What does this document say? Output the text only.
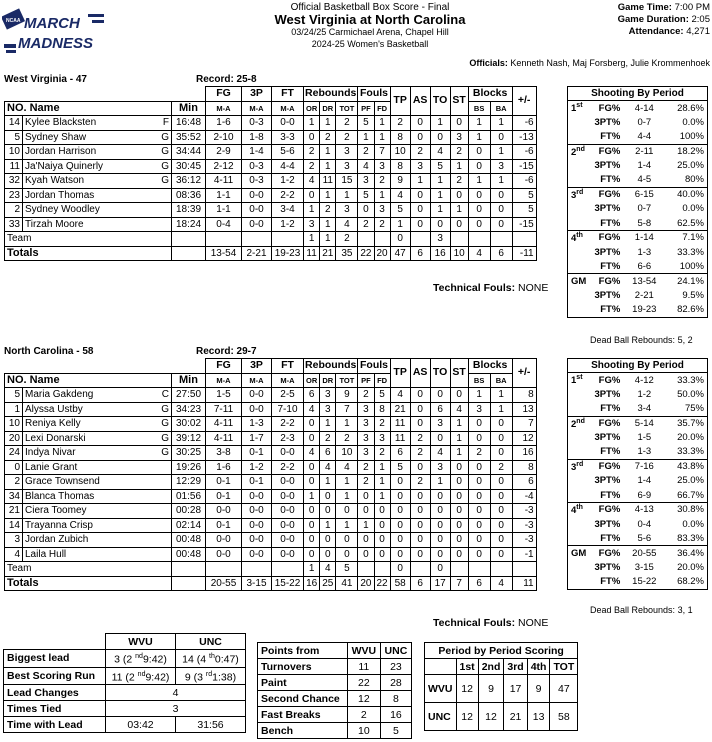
NCAA MARCH
MADNESS
Official Basketball Box Score - Final
West Virginia at North Carolina
03/24/25 Carmichael Arena, Chapel Hill
2024-25 Women's Basketball
Game Time: 7:00 PM
Game Duration: 2:05
Attendance: 4,271
Officials: Kenneth Nash, Maj Forsberg, Julie Krommenhoek
West Virginia - 47	Record: 25-8
				FG	3P	FT	Rebounds			Fouls		TP	AS	TO	ST	Blocks		+/-
NO. Name			Min	M-A	M-A	M-A	OR	DR	TOT	PF	FD					BS	BA	
14	Kylee Blacksten	F	16:48	1-6	0-3	0-0	1	1	2	5	1	2	0	1	0	1	1	-6
5	Sydney Shaw	G	35:52	2-10	1-8	3-3	0	2	2	1	1	8	0	0	3	1	0	-13
10	Jordan Harrison	G	34:44	2-9	1-4	5-6	2	1	3	2	7	10	2	4	2	0	1	-6
11	Ja'Naiya Quinerly	G	30:45	2-12	0-3	4-4	2	1	3	4	3	8	3	5	1	0	3	-15
32	Kyah Watson	G	36:12	4-11	0-3	1-2	4	11	15	3	2	9	1	1	2	1	1	-6
23	Jordan Thomas		08:36	1-1	0-0	2-2	0	1	1	5	1	4	0	1	0	0	0	5
2	Sydney Woodley		18:39	1-1	0-0	3-4	1	2	3	0	3	5	0	1	1	0	0	5
33	Tirzah Moore		18:24	0-4	0-0	1-2	3	1	4	2	2	1	0	0	0	0	0	-15
Team							1	1	2			0		3				
Totals				13-54	2-21	19-23	11	21	35	22	20	47	6	16	10	4	6	-11
Technical Fouls: NONE
Shooting By Period
1st	FG%	4-14	28.6%
	3PT%	0-7	0.0%
	FT%	4-4	100%
2nd	FG%	2-11	18.2%
	3PT%	1-4	25.0%
	FT%	4-5	80%
3rd	FG%	6-15	40.0%
	3PT%	0-7	0.0%
	FT%	5-8	62.5%
4th	FG%	1-14	7.1%
	3PT%	1-3	33.3%
	FT%	6-6	100%
GM	FG%	13-54	24.1%
	3PT%	2-21	9.5%
	FT%	19-23	82.6%
Dead Ball Rebounds: 5, 2
North Carolina - 58	Record: 29-7
				FG	3P	FT	Rebounds			Fouls		TP	AS	TO	ST	Blocks		+/-
NO. Name			Min	M-A	M-A	M-A	OR	DR	TOT	PF	FD					BS	BA	
5	Maria Gakdeng	C	27:50	1-5	0-0	2-5	6	3	9	2	5	4	0	0	0	1	1	8
1	Alyssa Ustby	G	34:23	7-11	0-0	7-10	4	3	7	3	8	21	0	6	4	3	1	13
10	Reniya Kelly	G	30:02	4-11	1-3	2-2	0	1	1	3	2	11	0	3	1	0	0	7
20	Lexi Donarski	G	39:12	4-11	1-7	2-3	0	2	2	3	3	11	2	0	1	0	0	12
24	Indya Nivar	G	30:25	3-8	0-1	0-0	4	6	10	3	2	6	2	4	1	2	0	16
0	Lanie Grant		19:26	1-6	1-2	2-2	0	4	4	2	1	5	0	3	0	0	2	8
2	Grace Townsend		12:29	0-1	0-1	0-0	0	1	1	2	1	0	2	1	0	0	0	6
34	Blanca Thomas		01:56	0-1	0-0	0-0	1	0	1	0	1	0	0	0	0	0	0	-4
21	Ciera Toomey		00:28	0-0	0-0	0-0	0	0	0	0	0	0	0	0	0	0	0	-3
14	Trayanna Crisp		02:14	0-1	0-0	0-0	0	1	1	1	0	0	0	0	0	0	0	-3
3	Jordan Zubich		00:48	0-0	0-0	0-0	0	0	0	0	0	0	0	0	0	0	0	-3
4	Laila Hull		00:48	0-0	0-0	0-0	0	0	0	0	0	0	0	0	0	0	0	-1
Team							1	4	5			0		0				
Totals				20-55	3-15	15-22	16	25	41	20	22	58	6	17	7	6	4	11
Technical Fouls: NONE
Shooting By Period
1st	FG%	4-12	33.3%
	3PT%	1-2	50.0%
	FT%	3-4	75%
2nd	FG%	5-14	35.7%
	3PT%	1-5	20.0%
	FT%	1-3	33.3%
3rd	FG%	7-16	43.8%
	3PT%	1-4	25.0%
	FT%	6-9	66.7%
4th	FG%	4-13	30.8%
	3PT%	0-4	0.0%
	FT%	5-6	83.3%
GM	FG%	20-55	36.4%
	3PT%	3-15	20.0%
	FT%	15-22	68.2%
Dead Ball Rebounds: 3, 1
	WVU	UNC
Biggest lead	3 (2 $^{nd}$9:42)	14 (4 $^{th}$0:47)
Best Scoring Run	11 (2 $^{nd}$9:42)	9 (3 $^{rd}$1:38)
Lead Changes	4	
Times Tied	3	
Time with Lead	03:42	31:56
Points from	WVU	UNC
Turnovers	11	23
Paint	22	28
Second Chance	12	8
Fast Breaks	2	16
Bench	10	5
Period by Period Scoring					
	1st	2nd	3rd	4th	TOT
WVU	12	9	17	9	47
UNC	12	12	21	13	58
